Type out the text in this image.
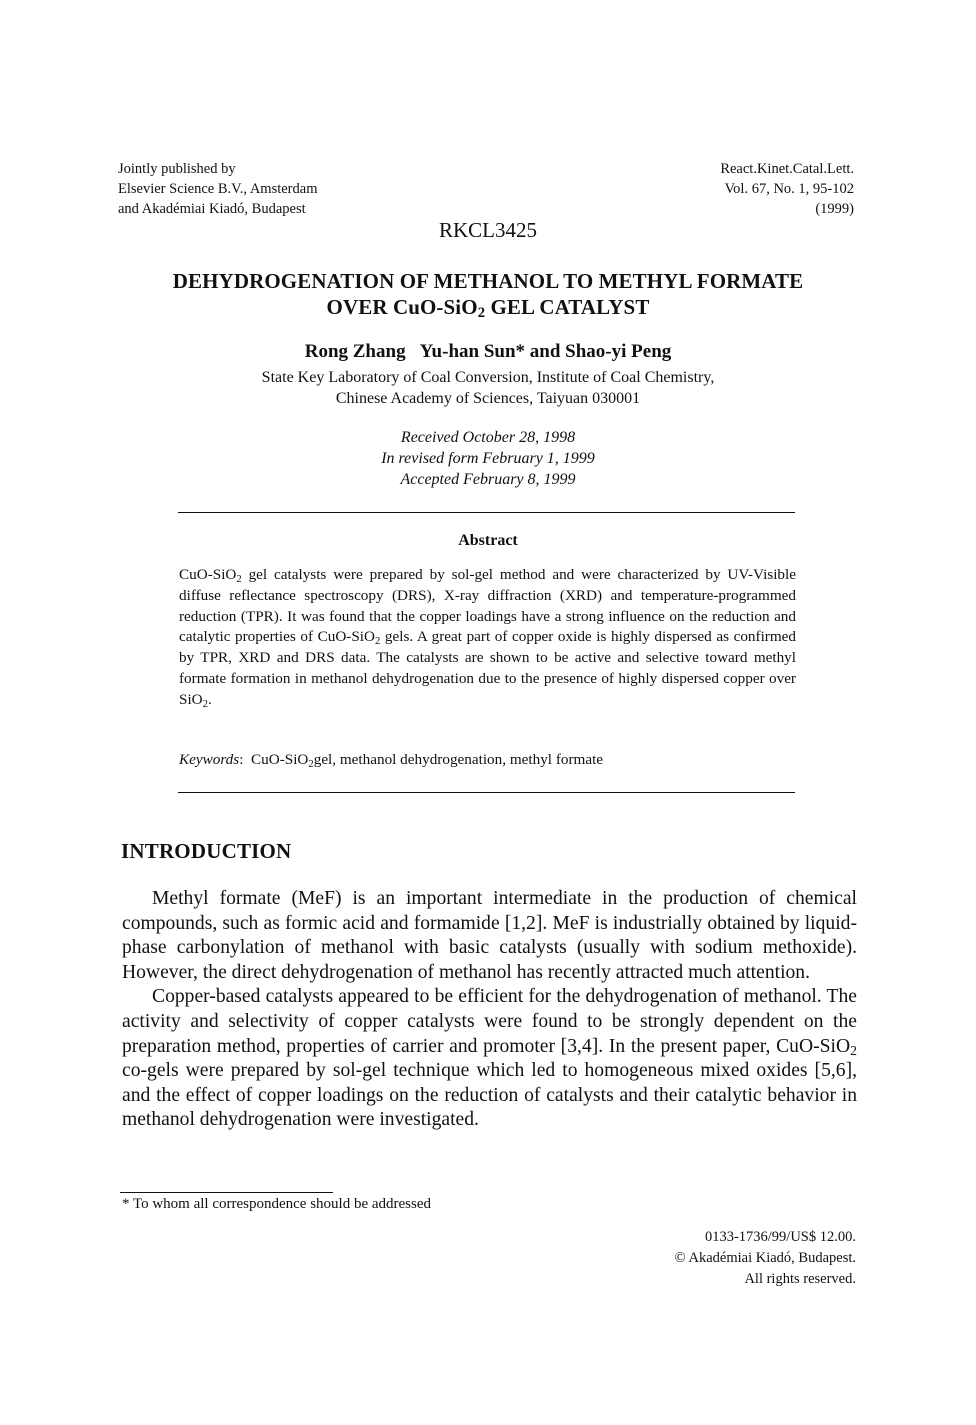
Jointly published by
Elsevier Science B.V., Amsterdam
and Akadémiai Kiadó, Budapest
React.Kinet.Catal.Lett.
Vol. 67, No. 1, 95-102
(1999)
RKCL3425
DEHYDROGENATION OF METHANOL TO METHYL FORMATE
OVER CuO-SiO$_2$ GEL CATALYST
Rong Zhang Yu-han Sun* and Shao-yi Peng
State Key Laboratory of Coal Conversion, Institute of Coal Chemistry,
Chinese Academy of Sciences, Taiyuan 030001
Received October 28, 1998
In revised form February 1, 1999
Accepted February 8, 1999
Abstract
CuO-SiO$_2$ gel catalysts were prepared by sol-gel method and were characterized by UV-Visible diffuse reflectance spectroscopy (DRS), X-ray diffraction (XRD) and temperature-programmed reduction (TPR). It was found that the copper loadings have a strong influence on the reduction and catalytic properties of CuO-SiO$_2$ gels. A great part of copper oxide is highly dispersed as confirmed by TPR, XRD and DRS data. The catalysts are shown to be active and selective toward methyl formate formation in methanol dehydrogenation due to the presence of highly dispersed copper over SiO$_2$.
Keywords: CuO-SiO$_2$gel, methanol dehydrogenation, methyl formate
INTRODUCTION

Methyl formate (MeF) is an important intermediate in the production of chemical compounds, such as formic acid and formamide [1,2]. MeF is industrially obtained by liquid-phase carbonylation of methanol with basic catalysts (usually with sodium methoxide). However, the direct dehydrogenation of methanol has recently attracted much attention.

Copper-based catalysts appeared to be efficient for the dehydrogenation of methanol. The activity and selectivity of copper catalysts were found to be strongly dependent on the preparation method, properties of carrier and promoter [3,4]. In the present paper, CuO-SiO$_2$ co-gels were prepared by sol-gel technique which led to homogeneous mixed oxides [5,6], and the effect of copper loadings on the reduction of catalysts and their catalytic behavior in methanol dehydrogenation were investigated.

* To whom all correspondence should be addressed
0133-1736/99/US$ 12.00.
© Akadémiai Kiadó, Budapest.
All rights reserved.
